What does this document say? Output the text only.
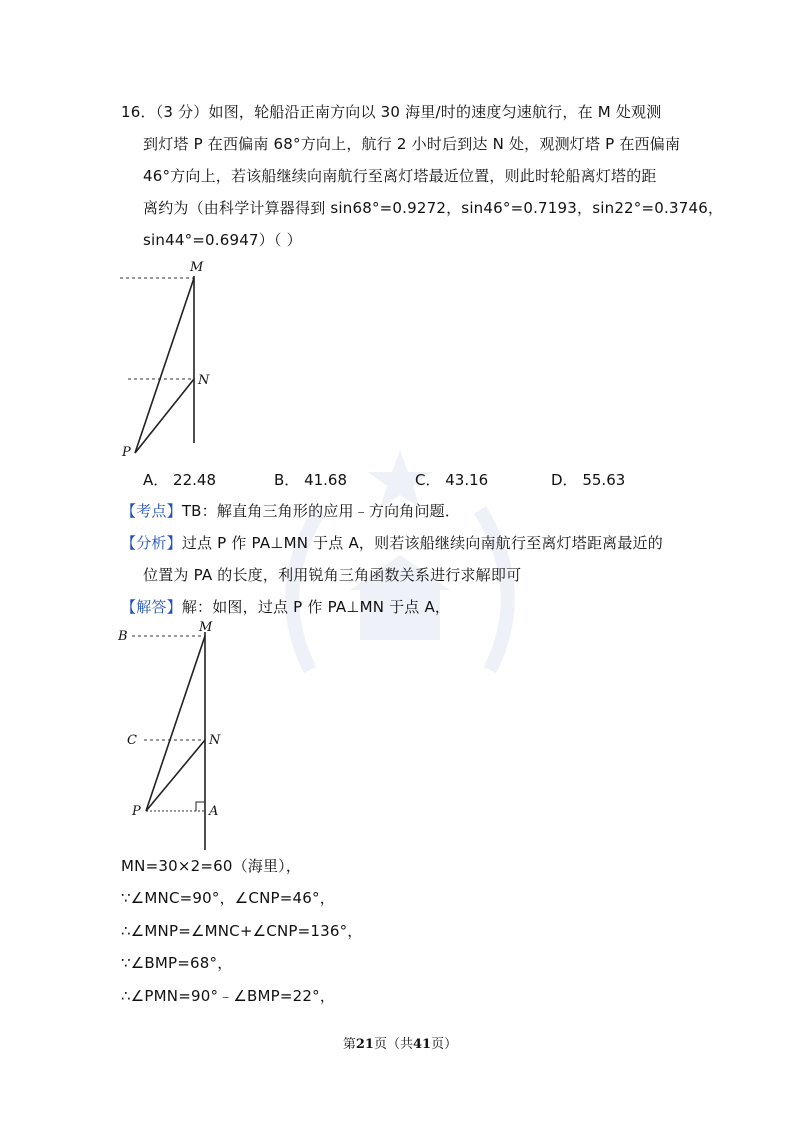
16．（3 分）如图，轮船沿正南方向以 30 海里/时的速度匀速航行，在 M 处观测
到灯塔 P 在西偏南 68°方向上，航行 2 小时后到达 N 处，观测灯塔 P 在西偏南
46°方向上，若该船继续向南航行至离灯塔最近位置，则此时轮船离灯塔的距
离约为（由科学计算器得到 sin68°=0.9272，sin46°=0.7193，sin22°=0.3746，
sin44°=0.6947）（ ）
M
N
P
A． 22.48	B． 41.68	C． 43.16	D． 55.63
【考点】TB：解直角三角形的应用﹣方向角问题．
【分析】过点 P 作 PA⊥MN 于点 A，则若该船继续向南航行至离灯塔距离最近的
位置为 PA 的长度，利用锐角三角函数关系进行求解即可
【解答】解：如图，过点 P 作 PA⊥MN 于点 A，
B
M
C	N
P	A
MN=30×2=60（海里），
∵∠MNC=90°，∠CNP=46°，
∴∠MNP=∠MNC+∠CNP=136°，
∵∠BMP=68°，
∴∠PMN=90°﹣∠BMP=22°，
第21页（共41页）
